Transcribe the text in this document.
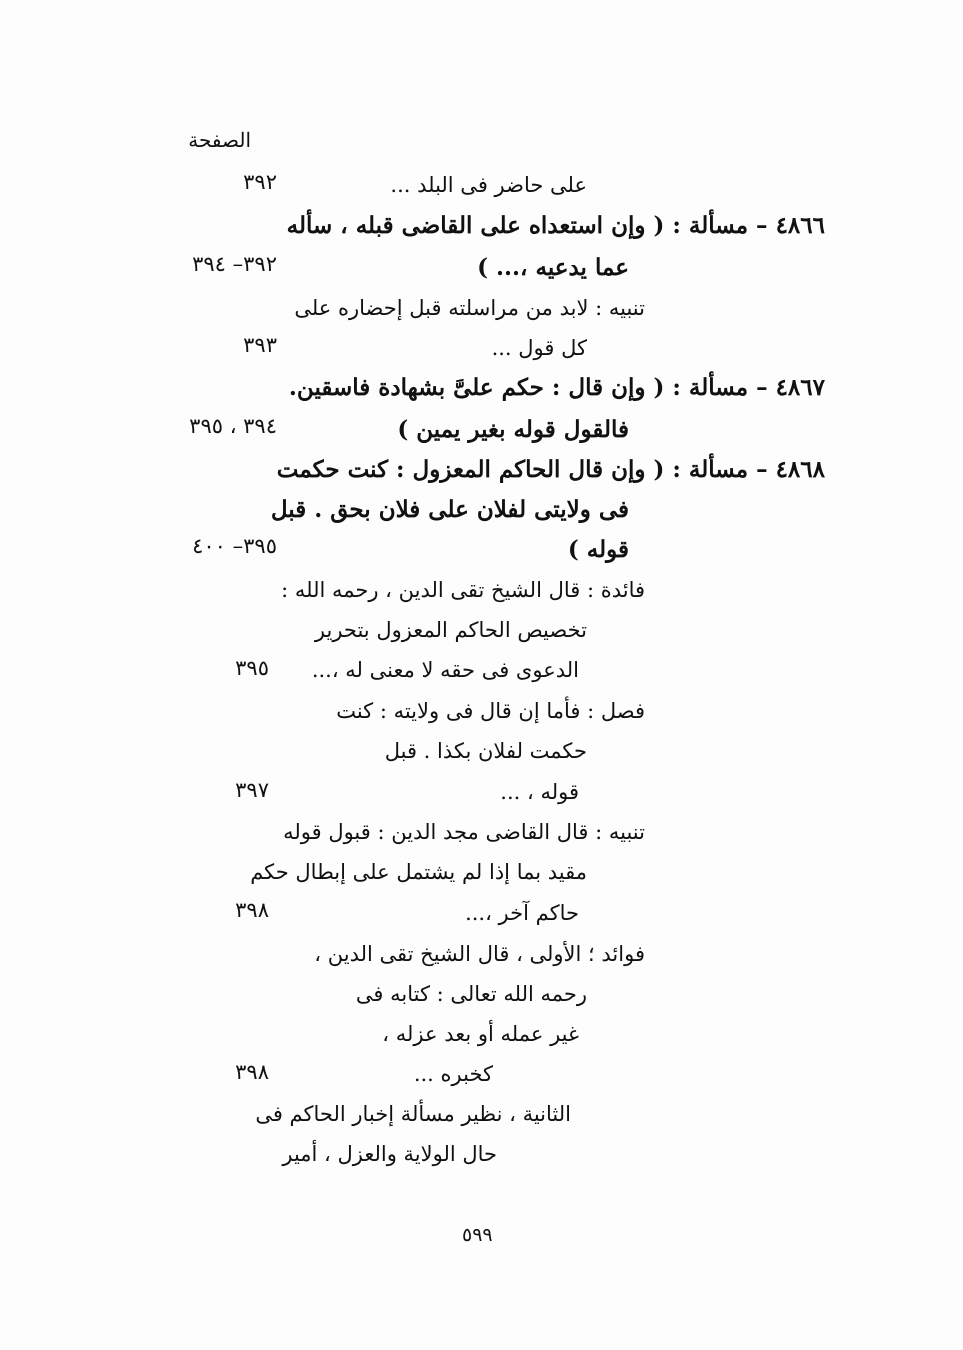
الصفحة
على حاضر فى البلد ...
٣٩٢
٤٨٦٦ – مسألة : ( وإن استعداه على القاضى قبله ، سأله
عما يدعيه ،... )
٣٩٢– ٣٩٤
تنبيه : لابد من مراسلته قبل إحضاره على
كل قول ...
٣٩٣
٤٨٦٧ – مسألة : ( وإن قال : حكم علىَّ بشهادة فاسقين.
فالقول قوله بغير يمين )
٣٩٤ ، ٣٩٥
٤٨٦٨ – مسألة : ( وإن قال الحاكم المعزول : كنت حكمت
فى ولايتى لفلان على فلان بحق . قبل
قوله )
٣٩٥– ٤٠٠
فائدة : قال الشيخ تقى الدين ، رحمه الله :
تخصيص الحاكم المعزول بتحرير
الدعوى فى حقه لا معنى له ،...
٣٩٥
فصل : فأما إن قال فى ولايته : كنت
حكمت لفلان بكذا . قبل
قوله ، ...
٣٩٧
تنبيه : قال القاضى مجد الدين : قبول قوله
مقيد بما إذا لم يشتمل على إبطال حكم
حاكم آخر ،...
٣٩٨
فوائد ؛ الأولى ، قال الشيخ تقى الدين ،
رحمه الله تعالى : كتابه فى
غير عمله أو بعد عزله ،
كخبره ...
٣٩٨
الثانية ، نظير مسألة إخبار الحاكم فى
حال الولاية والعزل ، أمير
٥٩٩
